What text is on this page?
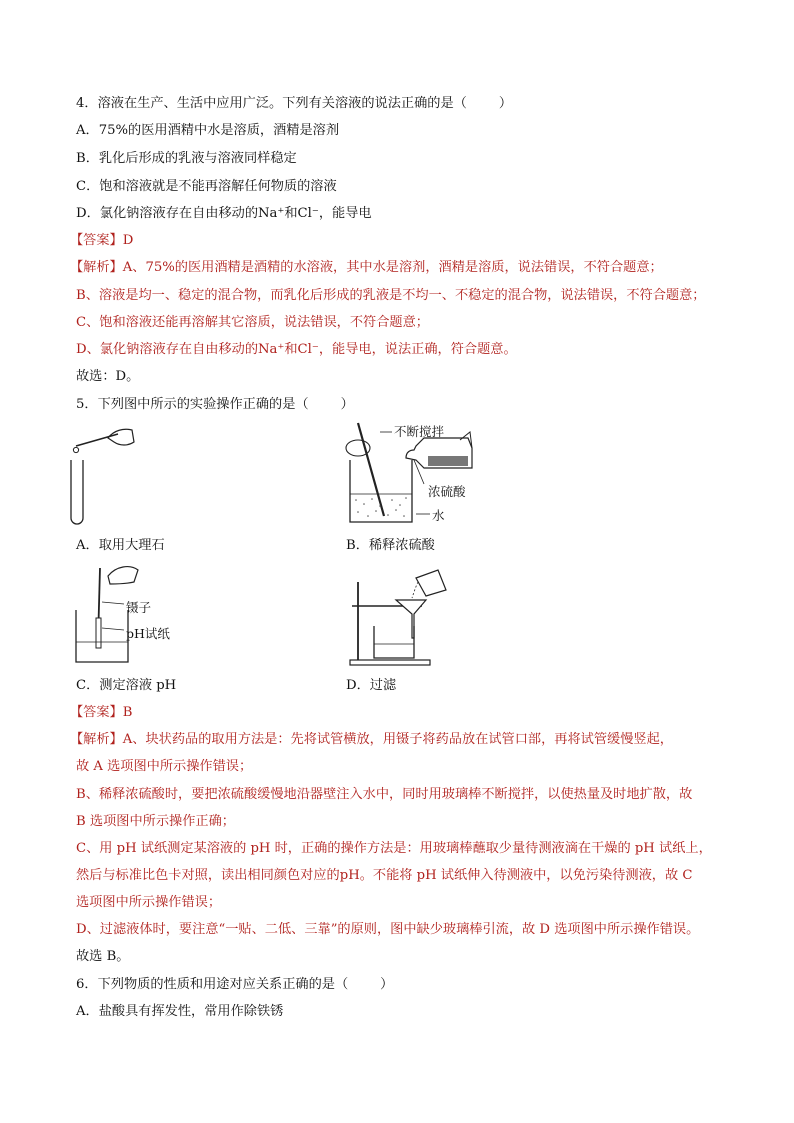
4．溶液在生产、生活中应用广泛。下列有关溶液的说法正确的是（ ）
A．75%的医用酒精中水是溶质，酒精是溶剂
B．乳化后形成的乳液与溶液同样稳定
C．饱和溶液就是不能再溶解任何物质的溶液
D．氯化钠溶液存在自由移动的Na⁺和Cl⁻，能导电
【答案】D
【解析】A、75%的医用酒精是酒精的水溶液，其中水是溶剂，酒精是溶质，说法错误，不符合题意；
B、溶液是均一、稳定的混合物，而乳化后形成的乳液是不均一、不稳定的混合物，说法错误，不符合题意；
C、饱和溶液还能再溶解其它溶质，说法错误，不符合题意；
D、氯化钠溶液存在自由移动的Na⁺和Cl⁻，能导电，说法正确，符合题意。
故选：D。
5．下列图中所示的实验操作正确的是（ ）
A．取用大理石
不断搅拌
浓硫酸
水
B．稀释浓硫酸
镊子
pH试纸
C．测定溶液 pH	D．过滤
【答案】B
【解析】A、块状药品的取用方法是：先将试管横放，用镊子将药品放在试管口部，再将试管缓慢竖起，
故 A 选项图中所示操作错误；
B、稀释浓硫酸时，要把浓硫酸缓慢地沿器壁注入水中，同时用玻璃棒不断搅拌，以使热量及时地扩散，故
B 选项图中所示操作正确；
C、用 pH 试纸测定某溶液的 pH 时，正确的操作方法是：用玻璃棒蘸取少量待测液滴在干燥的 pH 试纸上，
然后与标准比色卡对照，读出相同颜色对应的pH。不能将 pH 试纸伸入待测液中，以免污染待测液，故 C
选项图中所示操作错误；
D、过滤液体时，要注意“一贴、二低、三靠”的原则，图中缺少玻璃棒引流，故 D 选项图中所示操作错误。
故选 B。
6．下列物质的性质和用途对应关系正确的是（ ）
A．盐酸具有挥发性，常用作除铁锈
